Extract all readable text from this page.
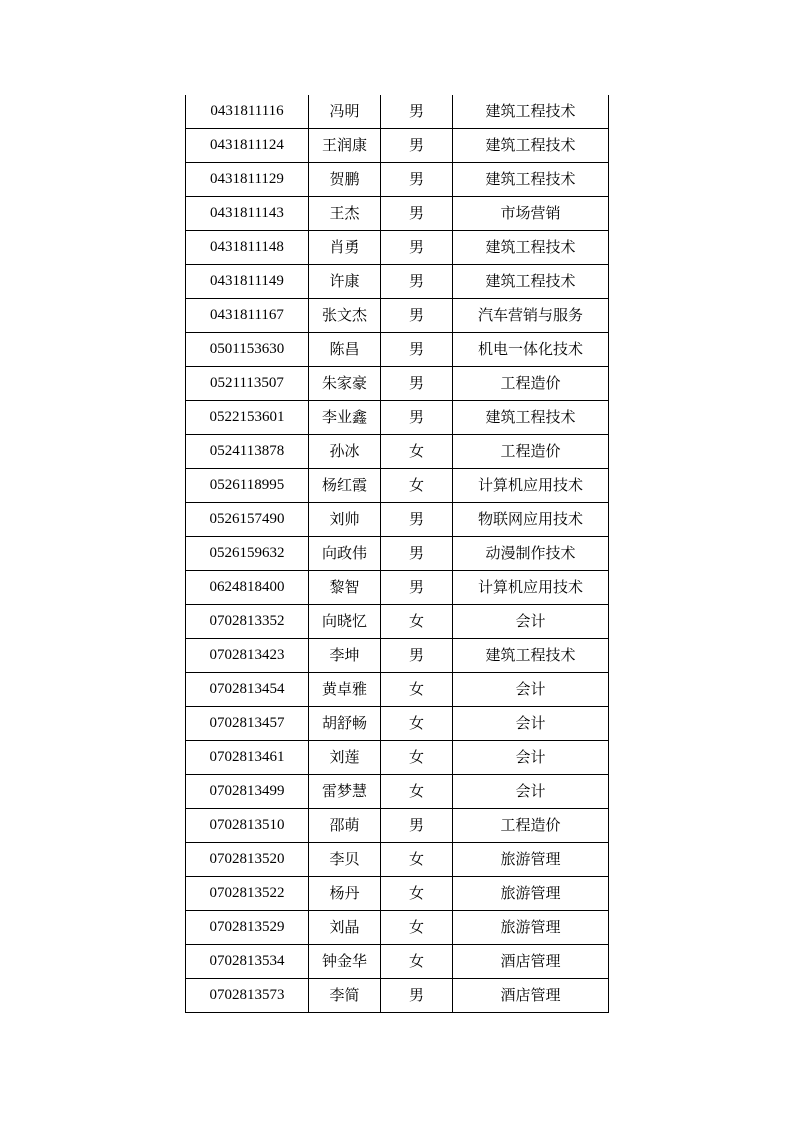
0431811116	冯明	男	建筑工程技术
0431811124	王润康	男	建筑工程技术
0431811129	贺鹏	男	建筑工程技术
0431811143	王杰	男	市场营销
0431811148	肖勇	男	建筑工程技术
0431811149	许康	男	建筑工程技术
0431811167	张文杰	男	汽车营销与服务
0501153630	陈昌	男	机电一体化技术
0521113507	朱家豪	男	工程造价
0522153601	李业鑫	男	建筑工程技术
0524113878	孙冰	女	工程造价
0526118995	杨红霞	女	计算机应用技术
0526157490	刘帅	男	物联网应用技术
0526159632	向政伟	男	动漫制作技术
0624818400	黎智	男	计算机应用技术
0702813352	向晓忆	女	会计
0702813423	李坤	男	建筑工程技术
0702813454	黄卓雅	女	会计
0702813457	胡舒畅	女	会计
0702813461	刘莲	女	会计
0702813499	雷梦慧	女	会计
0702813510	邵萌	男	工程造价
0702813520	李贝	女	旅游管理
0702813522	杨丹	女	旅游管理
0702813529	刘晶	女	旅游管理
0702813534	钟金华	女	酒店管理
0702813573	李简	男	酒店管理
